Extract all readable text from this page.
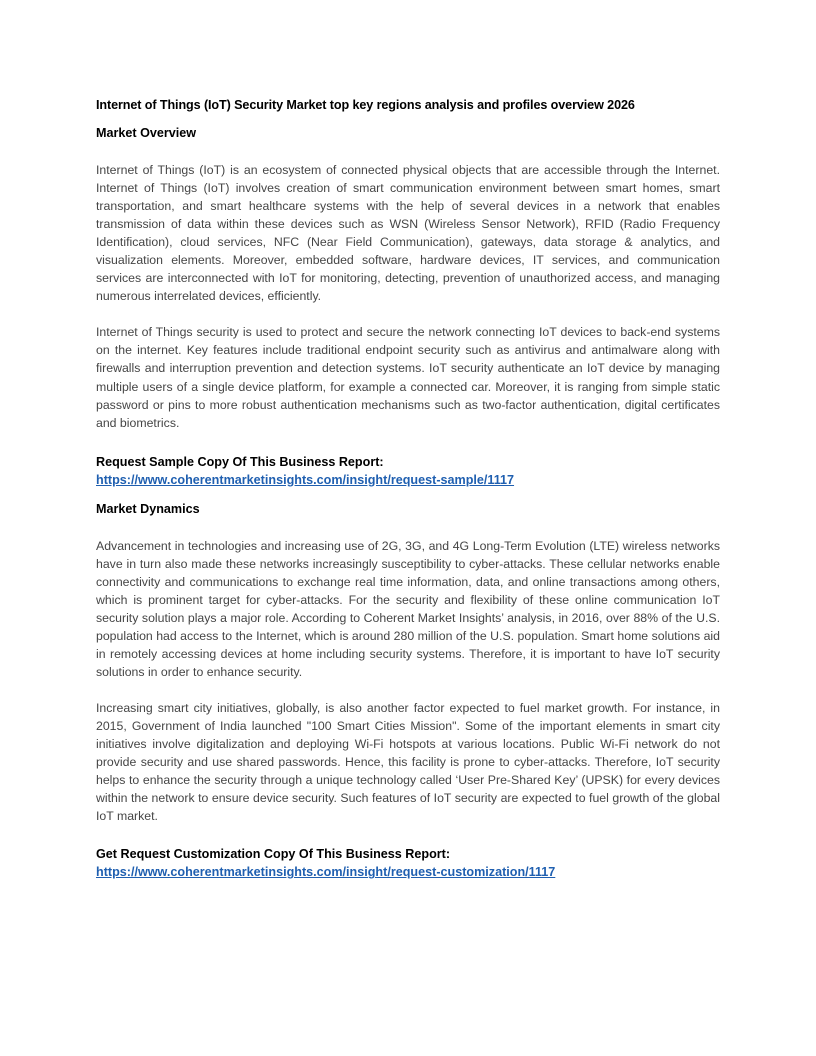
Internet of Things (IoT) Security Market top key regions analysis and profiles overview 2026

Market Overview

Internet of Things (IoT) is an ecosystem of connected physical objects that are accessible through the Internet. Internet of Things (IoT) involves creation of smart communication environment between smart homes, smart transportation, and smart healthcare systems with the help of several devices in a network that enables transmission of data within these devices such as WSN (Wireless Sensor Network), RFID (Radio Frequency Identification), cloud services, NFC (Near Field Communication), gateways, data storage & analytics, and visualization elements. Moreover, embedded software, hardware devices, IT services, and communication services are interconnected with IoT for monitoring, detecting, prevention of unauthorized access, and managing numerous interrelated devices, efficiently.

Internet of Things security is used to protect and secure the network connecting IoT devices to back-end systems on the internet. Key features include traditional endpoint security such as antivirus and antimalware along with firewalls and interruption prevention and detection systems. IoT security authenticate an IoT device by managing multiple users of a single device platform, for example a connected car. Moreover, it is ranging from simple static password or pins to more robust authentication mechanisms such as two-factor authentication, digital certificates and biometrics.

Request Sample Copy Of This Business Report:

https://www.coherentmarketinsights.com/insight/request-sample/1117

Market Dynamics

Advancement in technologies and increasing use of 2G, 3G, and 4G Long-Term Evolution (LTE) wireless networks have in turn also made these networks increasingly susceptibility to cyber-attacks. These cellular networks enable connectivity and communications to exchange real time information, data, and online transactions among others, which is prominent target for cyber-attacks. For the security and flexibility of these online communication IoT security solution plays a major role. According to Coherent Market Insights’ analysis, in 2016, over 88% of the U.S. population had access to the Internet, which is around 280 million of the U.S. population. Smart home solutions aid in remotely accessing devices at home including security systems. Therefore, it is important to have IoT security solutions in order to enhance security.

Increasing smart city initiatives, globally, is also another factor expected to fuel market growth. For instance, in 2015, Government of India launched "100 Smart Cities Mission". Some of the important elements in smart city initiatives involve digitalization and deploying Wi-Fi hotspots at various locations. Public Wi-Fi network do not provide security and use shared passwords. Hence, this facility is prone to cyber-attacks. Therefore, IoT security helps to enhance the security through a unique technology called ‘User Pre-Shared Key’ (UPSK) for every devices within the network to ensure device security. Such features of IoT security are expected to fuel growth of the global IoT market.

Get Request Customization Copy Of This Business Report:

https://www.coherentmarketinsights.com/insight/request-customization/1117
